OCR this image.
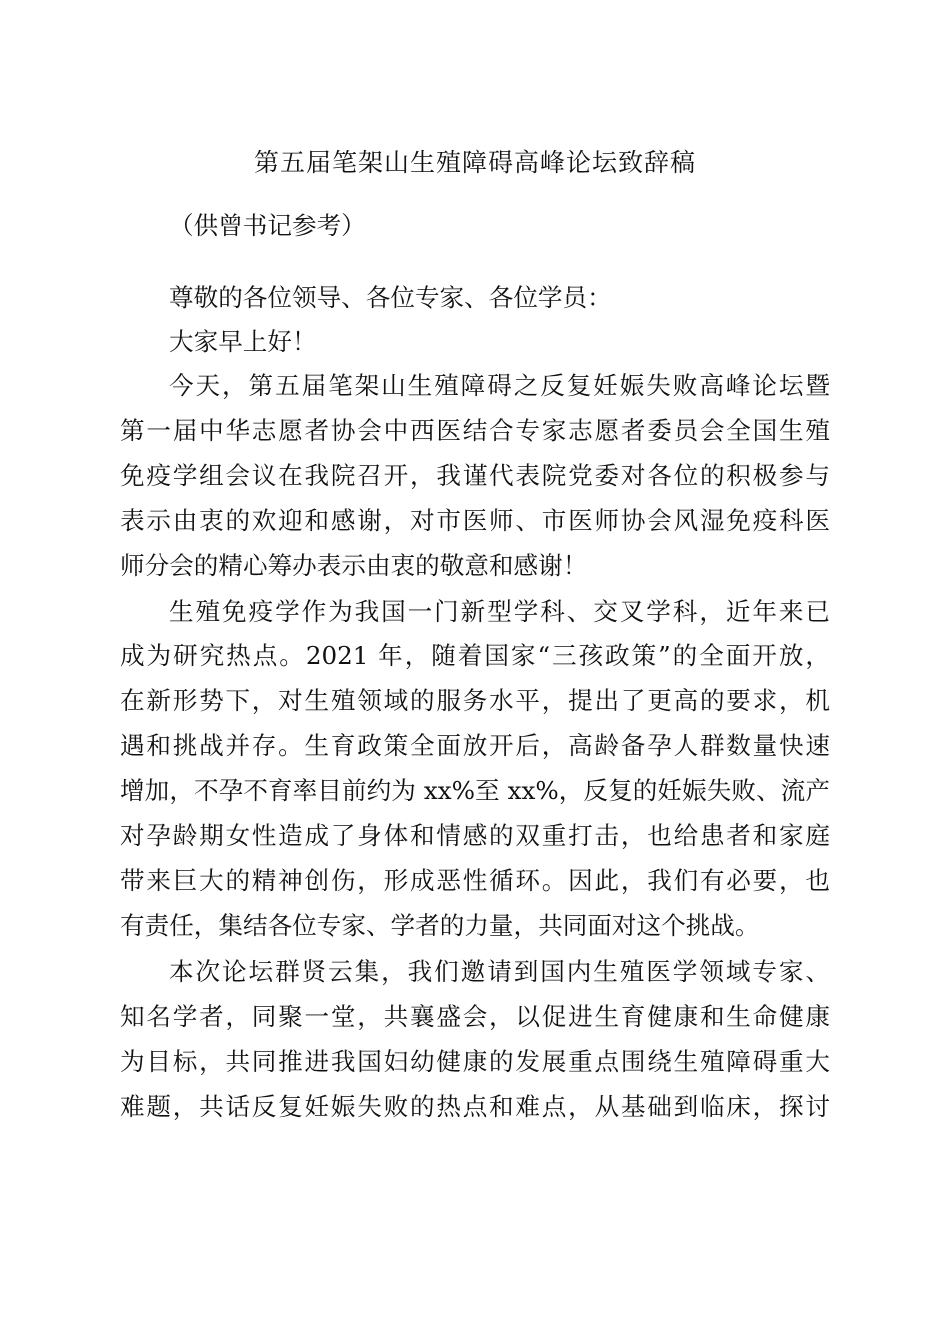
第五届笔架山生殖障碍高峰论坛致辞稿

（供曾书记参考）

尊敬的各位领导、各位专家、各位学员：

大家早上好！

今天，第五届笔架山生殖障碍之反复妊娠失败高峰论坛暨

第一届中华志愿者协会中西医结合专家志愿者委员会全国生殖

免疫学组会议在我院召开，我谨代表院党委对各位的积极参与

表示由衷的欢迎和感谢，对市医师、市医师协会风湿免疫科医

师分会的精心筹办表示由衷的敬意和感谢！

生殖免疫学作为我国一门新型学科、交叉学科，近年来已

成为研究热点。2021 年，随着国家“三孩政策”的全面开放，

在新形势下，对生殖领域的服务水平，提出了更高的要求，机

遇和挑战并存。生育政策全面放开后，高龄备孕人群数量快速

增加，不孕不育率目前约为 xx%至 xx%，反复的妊娠失败、流产

对孕龄期女性造成了身体和情感的双重打击，也给患者和家庭

带来巨大的精神创伤，形成恶性循环。因此，我们有必要，也

有责任，集结各位专家、学者的力量，共同面对这个挑战。

本次论坛群贤云集，我们邀请到国内生殖医学领域专家、

知名学者，同聚一堂，共襄盛会，以促进生育健康和生命健康

为目标，共同推进我国妇幼健康的发展重点围绕生殖障碍重大

难题，共话反复妊娠失败的热点和难点，从基础到临床，探讨
